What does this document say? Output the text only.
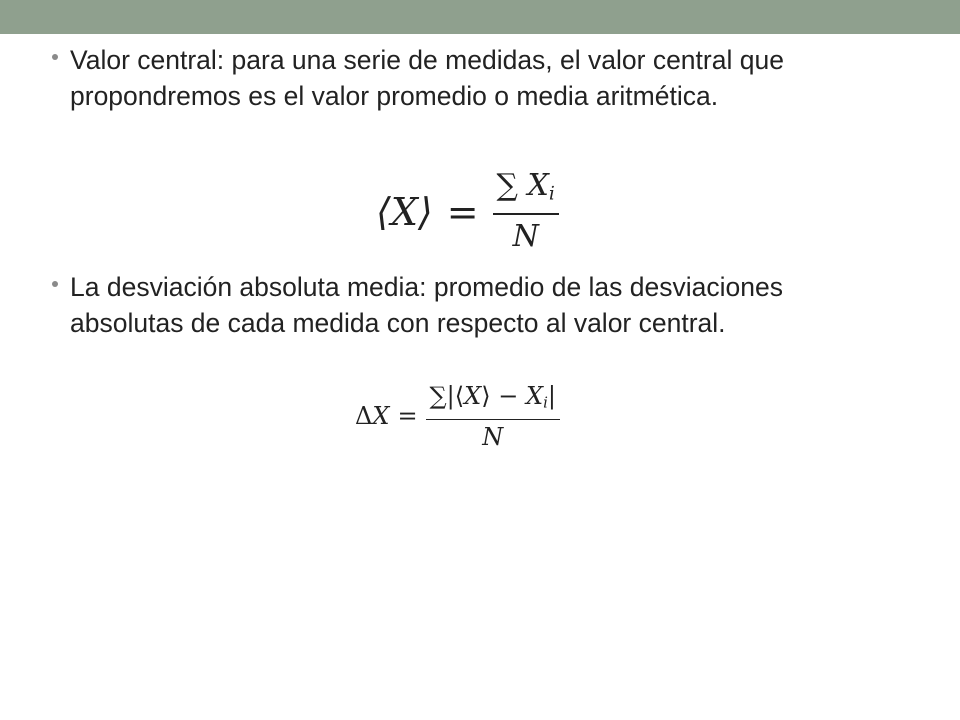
Valor central: para una serie de medidas, el valor central que propondremos es el valor promedio o media aritmética.

⟨X⟩ = $\frac{\sum X_i}{N}$

La desviación absoluta media: promedio de las desviaciones absolutas de cada medida con respecto al valor central.

$\Delta X = \frac{\sum|⟨X⟩ - X_i|}{N}$
